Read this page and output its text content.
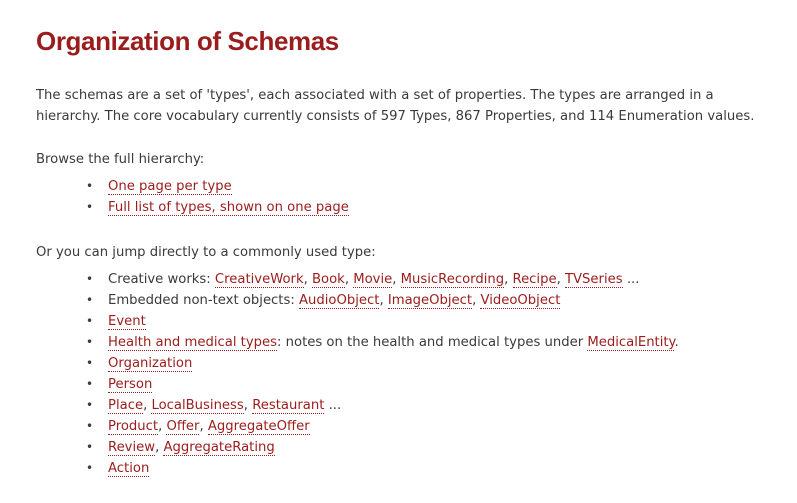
Organization of Schemas

The schemas are a set of 'types', each associated with a set of properties. The types are arranged in a hierarchy. The core vocabulary currently consists of 597 Types, 867 Properties, and 114 Enumeration values.

Browse the full hierarchy:

• One page per type
• Full list of types, shown on one page

Or you can jump directly to a commonly used type:

• Creative works: CreativeWork, Book, Movie, MusicRecording, Recipe, TVSeries ...
• Embedded non-text objects: AudioObject, ImageObject, VideoObject
• Event
• Health and medical types: notes on the health and medical types under MedicalEntity.
• Organization
• Person
• Place, LocalBusiness, Restaurant ...
• Product, Offer, AggregateOffer
• Review, AggregateRating
• Action
